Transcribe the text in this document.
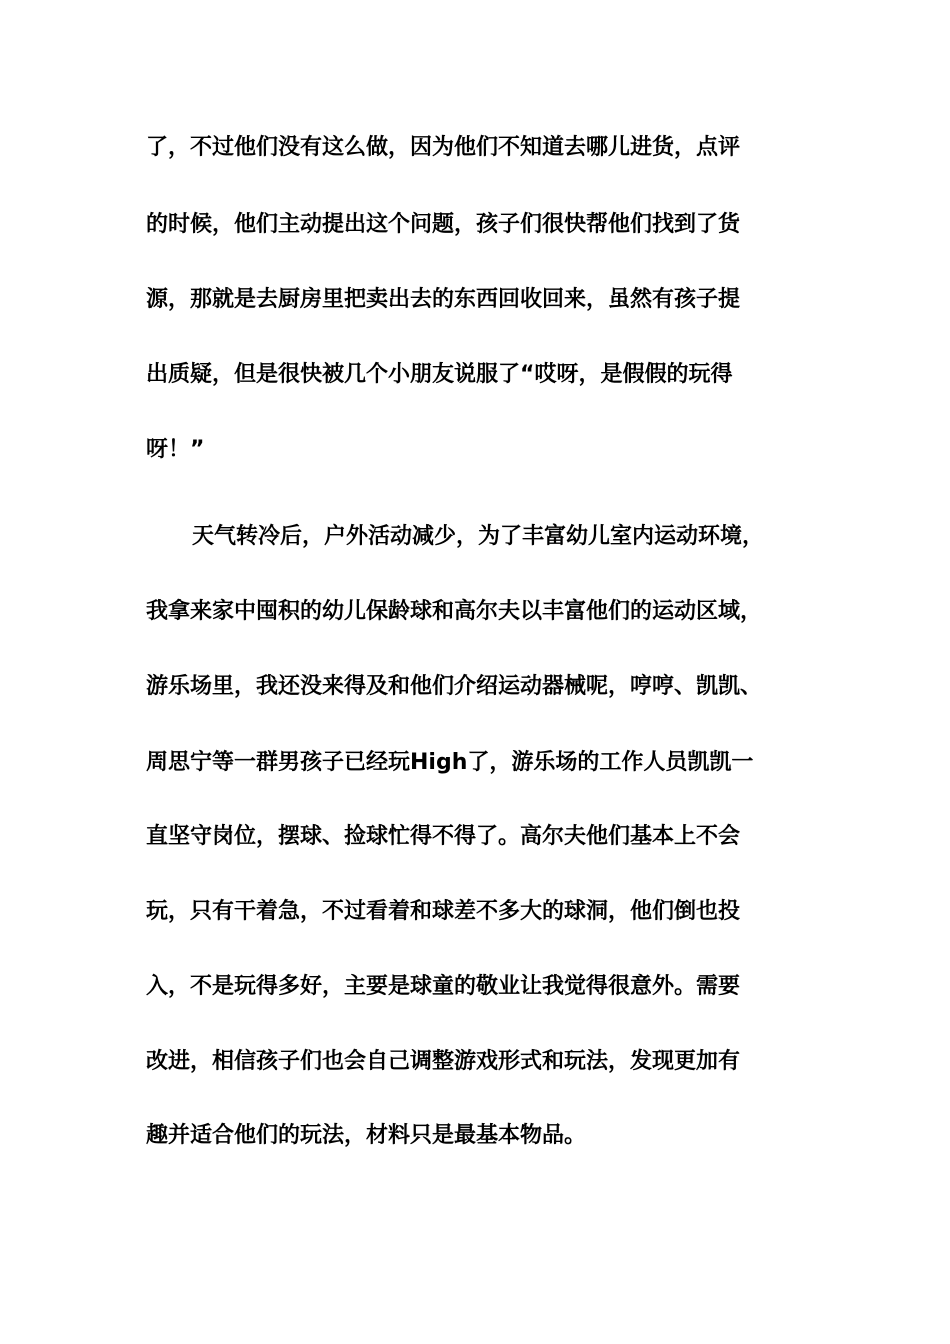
了，不过他们没有这么做，因为他们不知道去哪儿进货，点评
的时候，他们主动提出这个问题，孩子们很快帮他们找到了货
源，那就是去厨房里把卖出去的东西回收回来，虽然有孩子提
出质疑，但是很快被几个小朋友说服了“哎呀，是假假的玩得
呀！”
天气转冷后，户外活动减少，为了丰富幼儿室内运动环境，
我拿来家中囤积的幼儿保龄球和高尔夫以丰富他们的运动区域，
游乐场里，我还没来得及和他们介绍运动器械呢，哼哼、凯凯、
周思宁等一群男孩子已经玩High了，游乐场的工作人员凯凯一
直坚守岗位，摆球、捡球忙得不得了。高尔夫他们基本上不会
玩，只有干着急，不过看着和球差不多大的球洞，他们倒也投
入，不是玩得多好，主要是球童的敬业让我觉得很意外。需要
改进，相信孩子们也会自己调整游戏形式和玩法，发现更加有
趣并适合他们的玩法，材料只是最基本物品。
